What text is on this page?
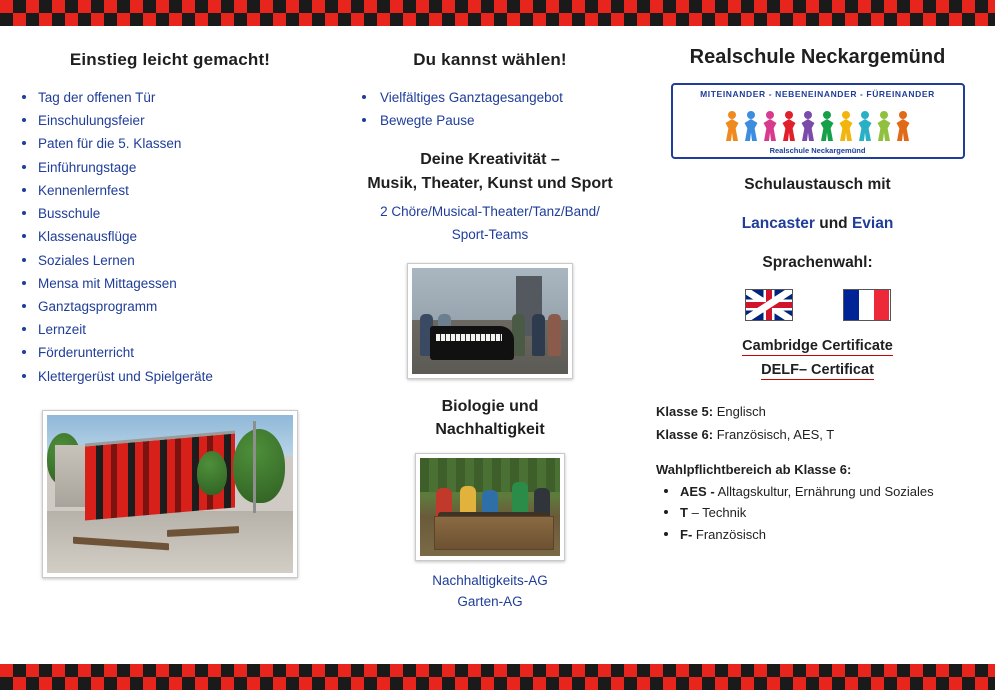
Einstieg leicht gemacht!
Tag der offenen Tür
Einschulungsfeier
Paten für die 5. Klassen
Einführungstage
Kennenlernfest
Busschule
Klassenausflüge
Soziales Lernen
Mensa mit Mittagessen
Ganztagsprogramm
Lernzeit
Förderunterricht
Klettergerüst und Spielgeräte
Du kannst wählen!
Vielfältiges Ganztagesangebot
Bewegte Pause
Deine Kreativität –
Musik, Theater, Kunst und Sport
2 Chöre/Musical-Theater/Tanz/Band/
Sport-Teams
Biologie und
Nachhaltigkeit
Nachhaltigkeits-AG
Garten-AG
Realschule Neckargemünd
MITEINANDER - NEBENEINANDER - FÜREINANDER
Realschule Neckargemünd
Schulaustausch mit
Lancaster und Evian
Sprachenwahl:
Cambridge Certificate
DELF– Certificat
Klasse 5: Englisch
Klasse 6: Französisch, AES, T
Wahlpflichtbereich ab Klasse 6:
AES - Alltagskultur, Ernährung und Soziales
T – Technik
F- Französisch
